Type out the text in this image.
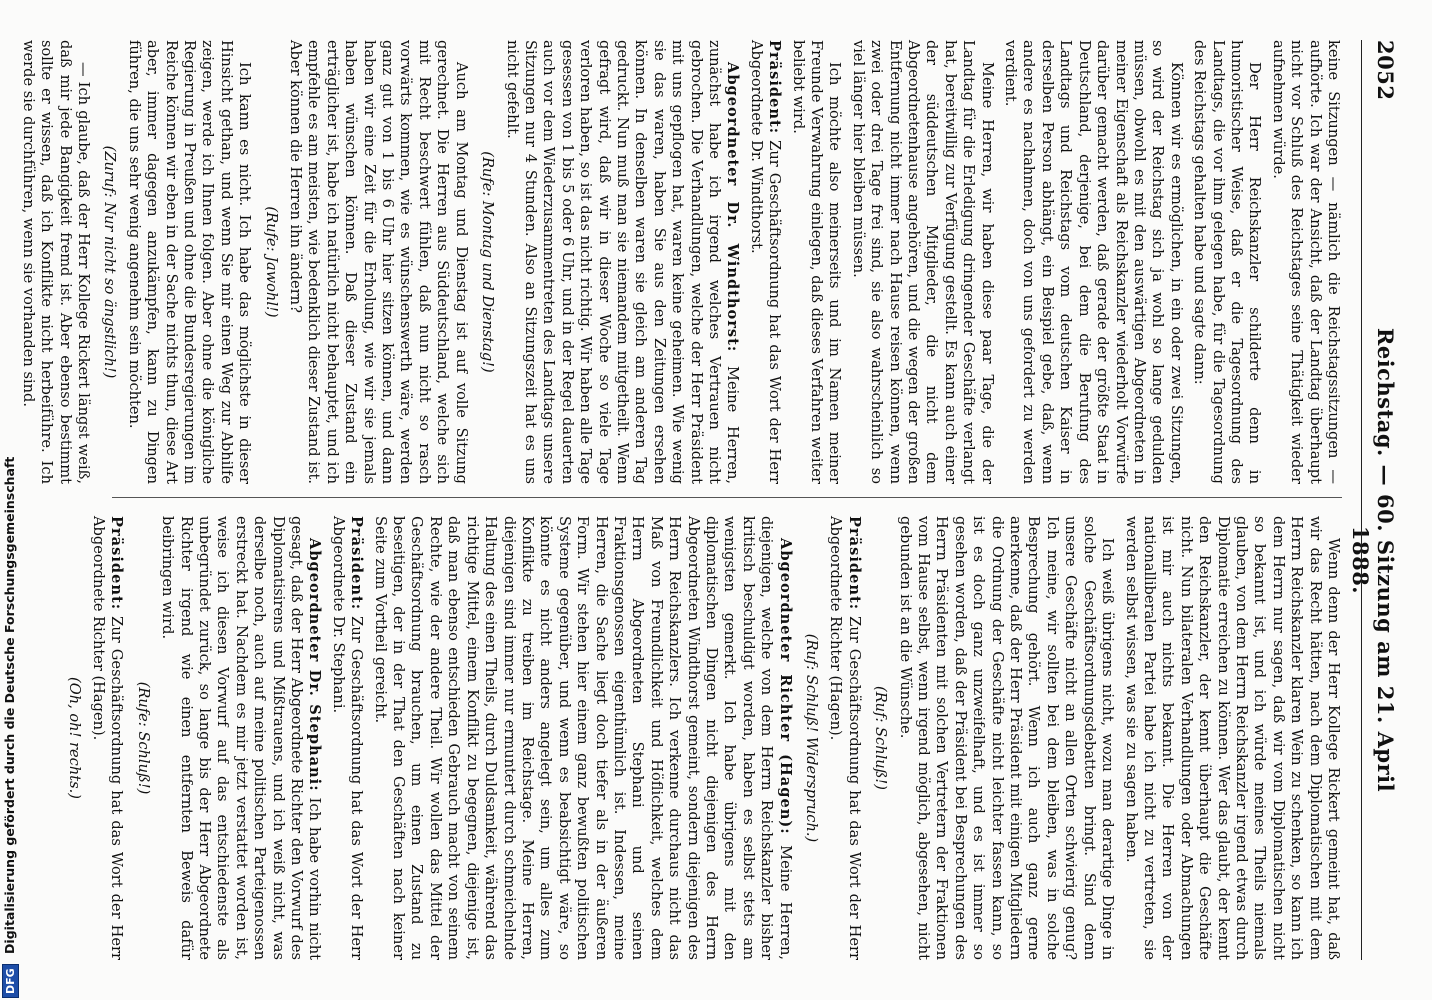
2052
Reichstag. — 60. Sitzung am 21. April 1888.

keine Sitzungen — nämlich die Reichstagssitzungen — aufhörte. Ich war der Ansicht, daß der Landtag überhaupt nicht vor Schluß des Reichstages seine Thätigkeit wieder aufnehmen würde.

Der Herr Reichskanzler schilderte denn in humoristischer Weise, daß er die Tagesordnung des Landtags, die vor ihm gelegen habe, für die Tagesordnung des Reichstags gehalten habe und sagte dann:

Können wir es ermöglichen, in ein oder zwei Sitzungen, so wird der Reichstag sich ja wohl so lange gedulden müssen, obwohl es mit den auswärtigen Abgeordneten in meiner Eigenschaft als Reichskanzler wiederholt Vorwürfe darüber gemacht werden, daß gerade der größte Staat in Deutschland, derjenige, bei dem die Berufung des Landtags und Reichstags vom deutschen Kaiser in derselben Person abhängt, ein Beispiel gebe, daß, wenn andere es nachahmen, doch von uns gefordert zu werden verdient.

Meine Herren, wir haben diese paar Tage, die der Landtag für die Erledigung dringender Geschäfte verlangt hat, bereitwillig zur Verfügung gestellt. Es kann auch einer der süddeutschen Mitglieder, die nicht dem Abgeordnetenhause angehören, und die wegen der großen Entfernung nicht immer nach Hause reisen können, wenn zwei oder drei Tage frei sind, sie also wahrscheinlich so viel länger hier bleiben müssen.

Ich möchte also meinerseits und im Namen meiner Freunde Verwahrung einlegen, daß dieses Verfahren weiter beliebt wird.

Präsident: Zur Geschäftsordnung hat das Wort der Herr Abgeordnete Dr. Windthorst.

Abgeordneter Dr. Windthorst: Meine Herren, zunächst habe ich irgend welches Vertrauen nicht gebrochen. Die Verhandlungen, welche der Herr Präsident mit uns gepflogen hat, waren keine geheimen. Wie wenig sie das waren, haben Sie aus den Zeitungen ersehen können. In denselben waren sie gleich am anderen Tag gedruckt. Nun muß man sie niemandem mitgetheilt. Wenn gefragt wird, daß wir in dieser Woche so viele Tage verloren haben, so ist das nicht richtig. Wir haben alle Tage gesessen von 1 bis 5 oder 6 Uhr, und in der Regel dauerten auch vor dem Wiederzusammentreten des Landtags unsere Sitzungen nur 4 Stunden. Also an Sitzungszeit hat es uns nicht gefehlt.

(Rufe: Montag und Dienstag!)

Auch am Montag und Dienstag ist auf volle Sitzung gerechnet. Die Herren aus Süddeutschland, welche sich mit Recht beschwert fühlen, daß nun nicht so rasch vorwärts kommen, wie es wünschenswerth wäre, werden ganz gut von 1 bis 6 Uhr hier sitzen können, und dann haben wir eine Zeit für die Erholung, wie wir sie jemals haben wünschen können. Daß dieser Zustand ein erträglicher ist, habe ich natürlich nicht behauptet, und ich empfehle es am meisten, wie bedenklich dieser Zustand ist. Aber können die Herren ihn ändern?

(Rufe: Jawohl!)

Ich kann es nicht. Ich habe das möglichste in dieser Hinsicht gethan, und wenn Sie mir einen Weg zur Abhilfe zeigen, werde ich Ihnen folgen. Aber ohne die königliche Regierung in Preußen und ohne die Bundesregierungen im Reiche können wir eben in der Sache nichts thun, diese Art aber, immer dagegen anzukämpfen, kann zu Dingen führen, die uns sehr wenig angenehm sein möchten.

(Zuruf: Nur nicht so ängstlich!)

— Ich glaube, daß der Herr Kollege Rickert längst weiß, daß mir jede Bangigkeit fremd ist. Aber ebenso bestimmt sollte er wissen, daß ich Konflikte nicht herbeiführe. Ich werde sie durchführen, wenn sie vorhanden sind.

Wenn denn der Herr Kollege Rickert gemeint hat, daß wir das Recht hätten, nach dem Diplomatischen mit dem Herrn Reichskanzler klaren Wein zu schenken, so kann ich dem Herrn nur sagen, daß wir vom Diplomatischen nicht so bekannt ist, und ich würde meines Theils niemals glauben, von dem Herrn Reichskanzler irgend etwas durch Diplomatie erreichen zu können. Wer das glaubt, der kennt den Reichskanzler, der kennt überhaupt die Geschäfte nicht. Nun bilateralen Verhandlungen oder Abmachungen ist mir auch nichts bekannt. Die Herren von der nationalliberalen Partei habe ich nicht zu vertreten, sie werden selbst wissen, was sie zu sagen haben.

Ich weiß übrigens nicht, wozu man derartige Dinge in solche Geschäftsordnungsdebatten bringt. Sind denn unsere Geschäfte nicht an allen Orten schwierig genug? Ich meine, wir sollten bei dem bleiben, was in solche Besprechung gehört. Wenn ich auch ganz gerne anerkenne, daß der Herr Präsident mit einigen Mitgliedern die Ordnung der Geschäfte nicht leichter fassen kann, so ist es doch ganz unzweifelhaft, und es ist immer so gesehen worden, daß der Präsident bei Besprechungen des Herrn Präsidenten mit solchen Vertretern der Fraktionen vom Hause selbst, wenn irgend möglich, abgesehen, nicht gebunden ist an die Wünsche.

(Ruf: Schluß!)

Präsident: Zur Geschäftsordnung hat das Wort der Herr Abgeordnete Richter (Hagen).

(Ruf: Schluß! Widerspruch.)

Abgeordneter Richter (Hagen): Meine Herren, diejenigen, welche von dem Herrn Reichskanzler bisher kritisch beschuldigt worden, haben es selbst stets am wenigsten gemerkt. Ich habe übrigens mit den diplomatischen Dingen nicht diejenigen des Herrn Abgeordneten Windthorst gemeint, sondern diejenigen des Herrn Reichskanzlers. Ich verkenne durchaus nicht das Maß von Freundlichkeit und Höflichkeit, welches dem Herrn Abgeordneten Stephani und seinen Fraktionsgenossen eigenthümlich ist. Indessen, meine Herren, die Sache liegt doch tiefer als in der äußeren Form. Wir stehen hier einem ganz bewußten politischen Systeme gegenüber, und wenn es beabsichtigt wäre, so könnte es nicht anders angelegt sein, um alles zum Konflikte zu treiben im Reichstage. Meine Herren, diejenigen sind immer nur ermuntert durch schmeichelnde Haltung des einen Theils, durch Duldsamkeit, während das richtige Mittel, einem Konflikt zu begegnen, diejenige ist, daß man ebenso entschieden Gebrauch macht von seinem Rechte, wie der andere Theil. Wir wollen das Mittel der Geschäftsordnung brauchen, um einen Zustand zu beseitigen, der in der That den Geschäften nach keiner Seite zum Vortheil gereicht.

Präsident: Zur Geschäftsordnung hat das Wort der Herr Abgeordnete Dr. Stephani.

Abgeordneter Dr. Stephani: Ich habe vorhin nicht gesagt, daß der Herr Abgeordnete Richter den Vorwurf des Diplomatisirens und Mißtrauens, und ich weiß nicht, was derselbe noch, auch auf meine politischen Parteigenossen erstreckt hat. Nachdem es mir jetzt verstattet worden ist, weise ich diesen Vorwurf auf das entschiedenste als unbegründet zurück, so lange bis der Herr Abgeordnete Richter irgend wie einen entfernten Beweis dafür beibringen wird.

(Rufe: Schluß!)

Präsident: Zur Geschäftsordnung hat das Wort der Herr Abgeordnete Richter (Hagen).

(Oh, oh! rechts.)

DFG Digitalisierung gefördert durch die Deutsche Forschungsgemeinschaft
